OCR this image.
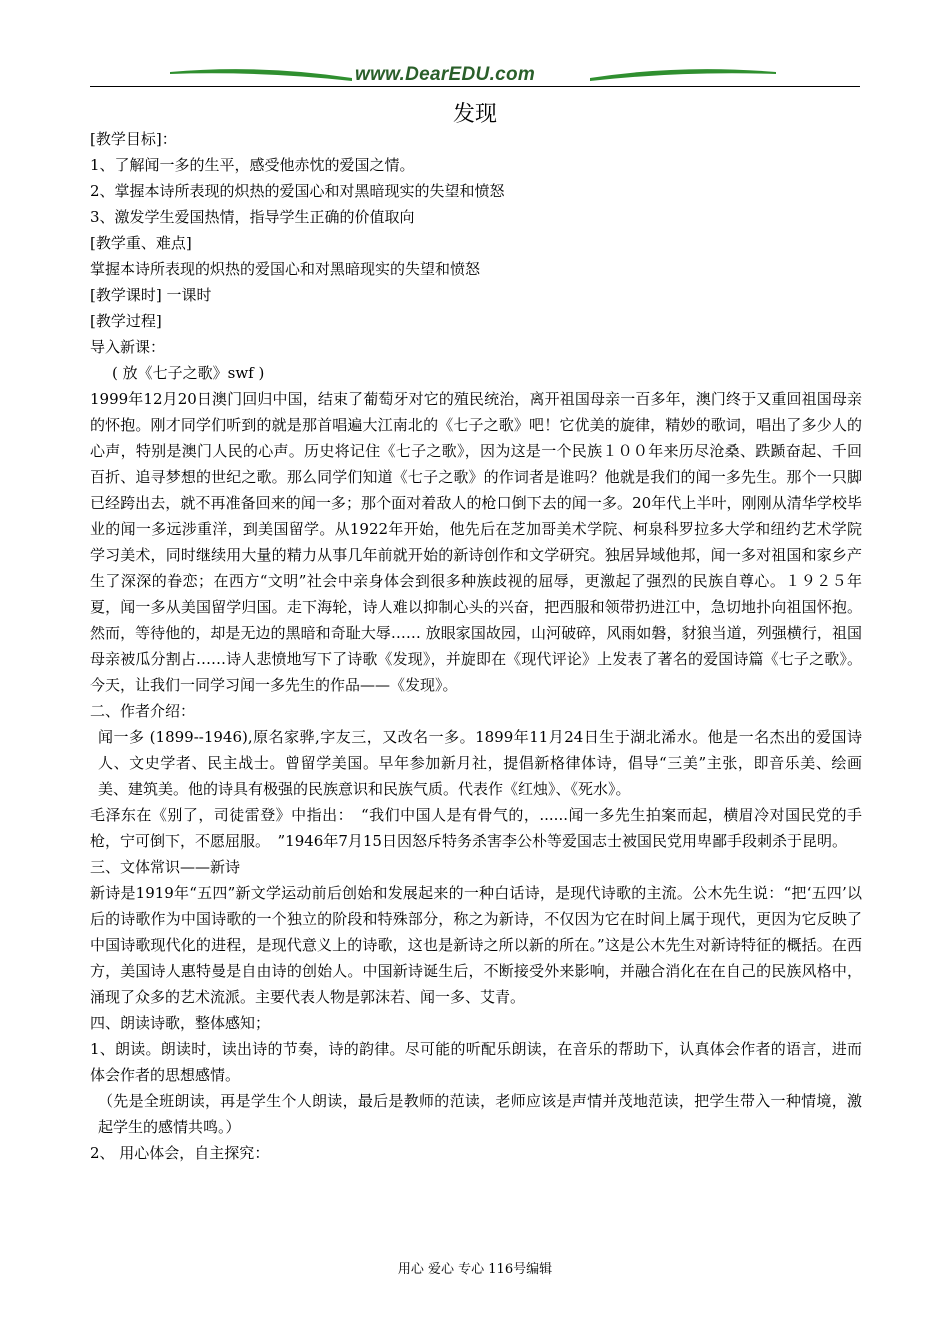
www.DearEDU.com
发现

[教学目标]：

1、了解闻一多的生平，感受他赤忱的爱国之情。

2、掌握本诗所表现的炽热的爱国心和对黑暗现实的失望和愤怒

3、激发学生爱国热情，指导学生正确的价值取向

[教学重、难点]

掌握本诗所表现的炽热的爱国心和对黑暗现实的失望和愤怒

[教学课时] 一课时

[教学过程]

导入新课：

( 放《七子之歌》swf )

1999年12月20日澳门回归中国，结束了葡萄牙对它的殖民统治，离开祖国母亲一百多年，澳门终于又重回祖国母亲的怀抱。刚才同学们听到的就是那首唱遍大江南北的《七子之歌》吧！它优美的旋律，精妙的歌词，唱出了多少人的心声，特别是澳门人民的心声。历史将记住《七子之歌》，因为这是一个民族１００年来历尽沧桑、跌踬奋起、千回百折、追寻梦想的世纪之歌。那么同学们知道《七子之歌》的作词者是谁吗？他就是我们的闻一多先生。那个一只脚已经跨出去，就不再准备回来的闻一多；那个面对着敌人的枪口倒下去的闻一多。20年代上半叶，刚刚从清华学校毕业的闻一多远涉重洋，到美国留学。从1922年开始，他先后在芝加哥美术学院、柯泉科罗拉多大学和纽约艺术学院学习美术，同时继续用大量的精力从事几年前就开始的新诗创作和文学研究。独居异域他邦，闻一多对祖国和家乡产生了深深的眷恋；在西方“文明”社会中亲身体会到很多种族歧视的屈辱，更激起了强烈的民族自尊心。１９２５年夏，闻一多从美国留学归国。走下海轮，诗人难以抑制心头的兴奋，把西服和领带扔进江中，急切地扑向祖国怀抱。然而，等待他的，却是无边的黑暗和奇耻大辱…… 放眼家国故园，山河破碎，风雨如磐，豺狼当道，列强横行，祖国母亲被瓜分割占……诗人悲愤地写下了诗歌《发现》，并旋即在《现代评论》上发表了著名的爱国诗篇《七子之歌》。今天，让我们一同学习闻一多先生的作品——《发现》。

二、作者介绍：

闻一多 (1899--1946),原名家骅,字友三，又改名一多。1899年11月24日生于湖北浠水。他是一名杰出的爱国诗人、文史学者、民主战士。曾留学美国。早年参加新月社，提倡新格律体诗，倡导“三美”主张，即音乐美、绘画美、建筑美。他的诗具有极强的民族意识和民族气质。代表作《红烛》、《死水》。

毛泽东在《别了，司徒雷登》中指出：　“我们中国人是有骨气的，......闻一多先生拍案而起，横眉冷对国民党的手枪，宁可倒下，不愿屈服。　”1946年7月15日因怒斥特务杀害李公朴等爱国志士被国民党用卑鄙手段刺杀于昆明。

三、文体常识——新诗

新诗是1919年“五四”新文学运动前后创始和发展起来的一种白话诗，是现代诗歌的主流。公木先生说：“把‘五四’以后的诗歌作为中国诗歌的一个独立的阶段和特殊部分，称之为新诗，不仅因为它在时间上属于现代，更因为它反映了中国诗歌现代化的进程，是现代意义上的诗歌，这也是新诗之所以新的所在。”这是公木先生对新诗特征的概括。在西方，美国诗人惠特曼是自由诗的创始人。中国新诗诞生后，不断接受外来影响，并融合消化在在自己的民族风格中，涌现了众多的艺术流派。主要代表人物是郭沫若、闻一多、艾青。

四、朗读诗歌，整体感知；

1、朗读。朗读时，读出诗的节奏，诗的韵律。尽可能的听配乐朗读，在音乐的帮助下，认真体会作者的语言，进而体会作者的思想感情。

（先是全班朗读，再是学生个人朗读，最后是教师的范读，老师应该是声情并茂地范读，把学生带入一种情境，激起学生的感情共鸣。）

2、 用心体会，自主探究：

用心 爱心 专心 116号编辑
